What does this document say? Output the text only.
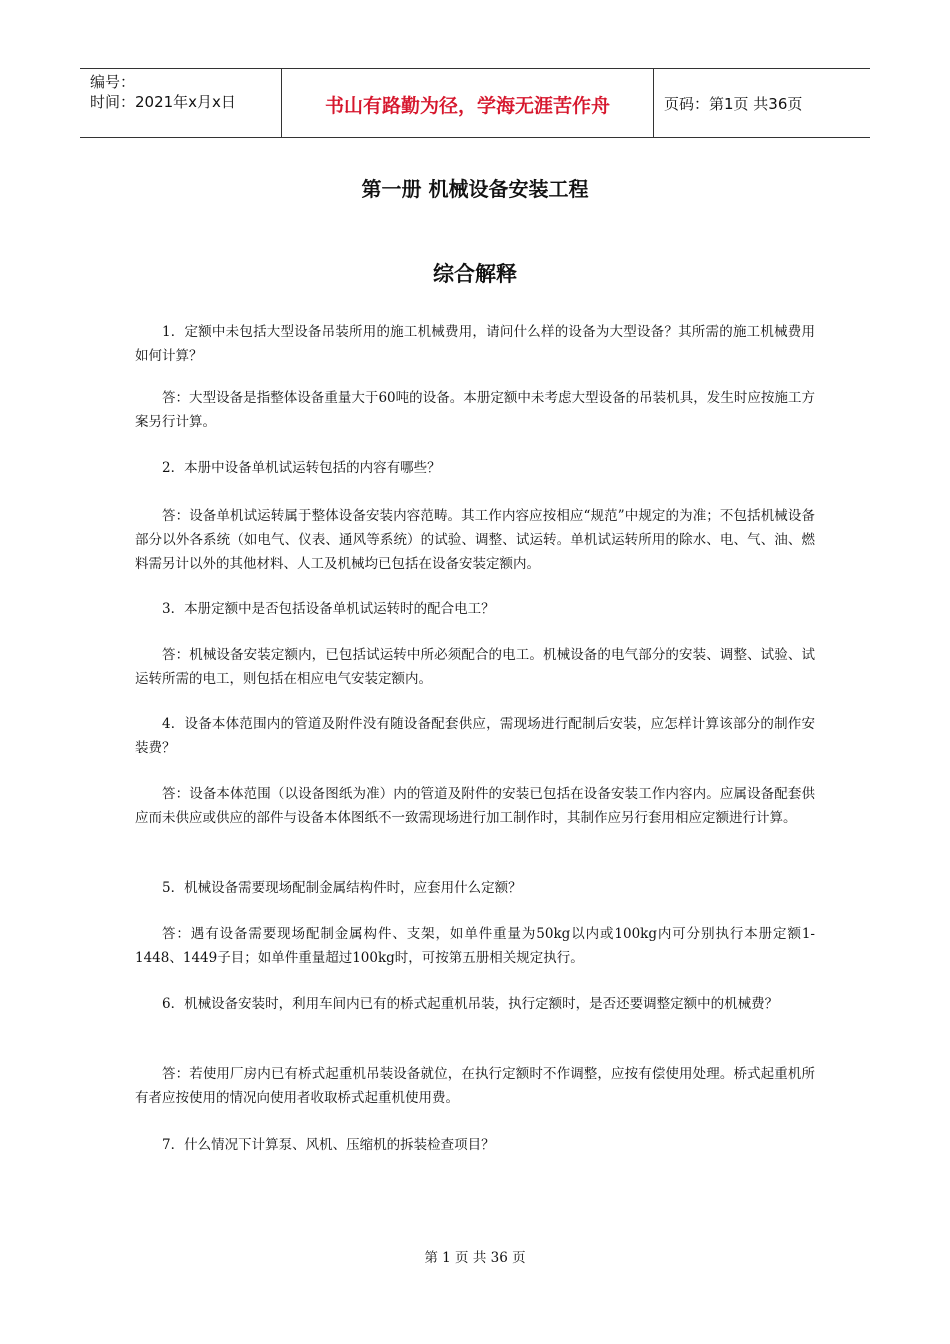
编号：
时间：2021年x月x日	书山有路勤为径，学海无涯苦作舟	页码：第1页 共36页
第一册 机械设备安装工程
综合解释

1．定额中未包括大型设备吊装所用的施工机械费用，请问什么样的设备为大型设备？其所需的施工机械费用如何计算？

答：大型设备是指整体设备重量大于60吨的设备。本册定额中未考虑大型设备的吊装机具，发生时应按施工方案另行计算。

2．本册中设备单机试运转包括的内容有哪些？

答：设备单机试运转属于整体设备安装内容范畴。其工作内容应按相应“规范”中规定的为准；不包括机械设备部分以外各系统（如电气、仪表、通风等系统）的试验、调整、试运转。单机试运转所用的除水、电、气、油、燃料需另计以外的其他材料、人工及机械均已包括在设备安装定额内。

3．本册定额中是否包括设备单机试运转时的配合电工？

答：机械设备安装定额内，已包括试运转中所必须配合的电工。机械设备的电气部分的安装、调整、试验、试运转所需的电工，则包括在相应电气安装定额内。

4．设备本体范围内的管道及附件没有随设备配套供应，需现场进行配制后安装，应怎样计算该部分的制作安装费？

答：设备本体范围（以设备图纸为准）内的管道及附件的安装已包括在设备安装工作内容内。应属设备配套供应而未供应或供应的部件与设备本体图纸不一致需现场进行加工制作时，其制作应另行套用相应定额进行计算。

5．机械设备需要现场配制金属结构件时，应套用什么定额？

答：遇有设备需要现场配制金属构件、支架，如单件重量为50kg以内或100kg内可分别执行本册定额1-1448、1449子目；如单件重量超过100kg时，可按第五册相关规定执行。

6．机械设备安装时，利用车间内已有的桥式起重机吊装，执行定额时，是否还要调整定额中的机械费？

答：若使用厂房内已有桥式起重机吊装设备就位，在执行定额时不作调整，应按有偿使用处理。桥式起重机所有者应按使用的情况向使用者收取桥式起重机使用费。

7．什么情况下计算泵、风机、压缩机的拆装检查项目？

第 1 页 共 36 页
